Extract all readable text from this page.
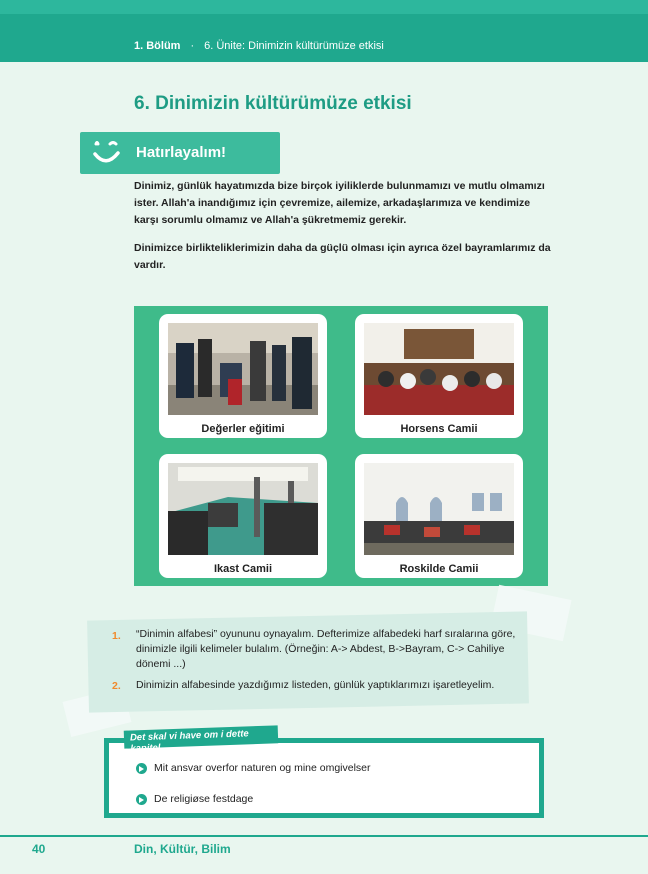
1. Bölüm · 6. Ünite: Dinimizin kültürümüze etkisi
6. Dinimizin kültürümüze etkisi
Hatırlayalım!
Dinimiz, günlük hayatımızda bize birçok iyiliklerde bulunmamızı ve mutlu olmamızı ister. Allah'a inandığımız için çevremize, ailemize, arkadaşlarımıza ve kendimize karşı sorumlu olmamız ve Allah'a şükretmemiz gerekir.
Dinimizce birlikteliklerimizin daha da güçlü olması için ayrıca özel bayramlarımız da vardır.
Değerler eğitimi	Horsens Camii
Ikast Camii	Roskilde Camii
1. “Dinimin alfabesi” oyununu oynayalım. Defterimize alfabedeki harf sıralarına göre, dinimizle ilgili kelimeler bulalım. (Örneğin: A-> Abdest, B->Bayram, C-> Cahiliye dönemi ...)
2. Dinimizin alfabesinde yazdığımız listeden, günlük yaptıklarımızı işaretleyelim.
Det skal vi have om i dette kapitel
Mit ansvar overfor naturen og mine omgivelser
De religiøse festdage
40	Din, Kültür, Bilim
